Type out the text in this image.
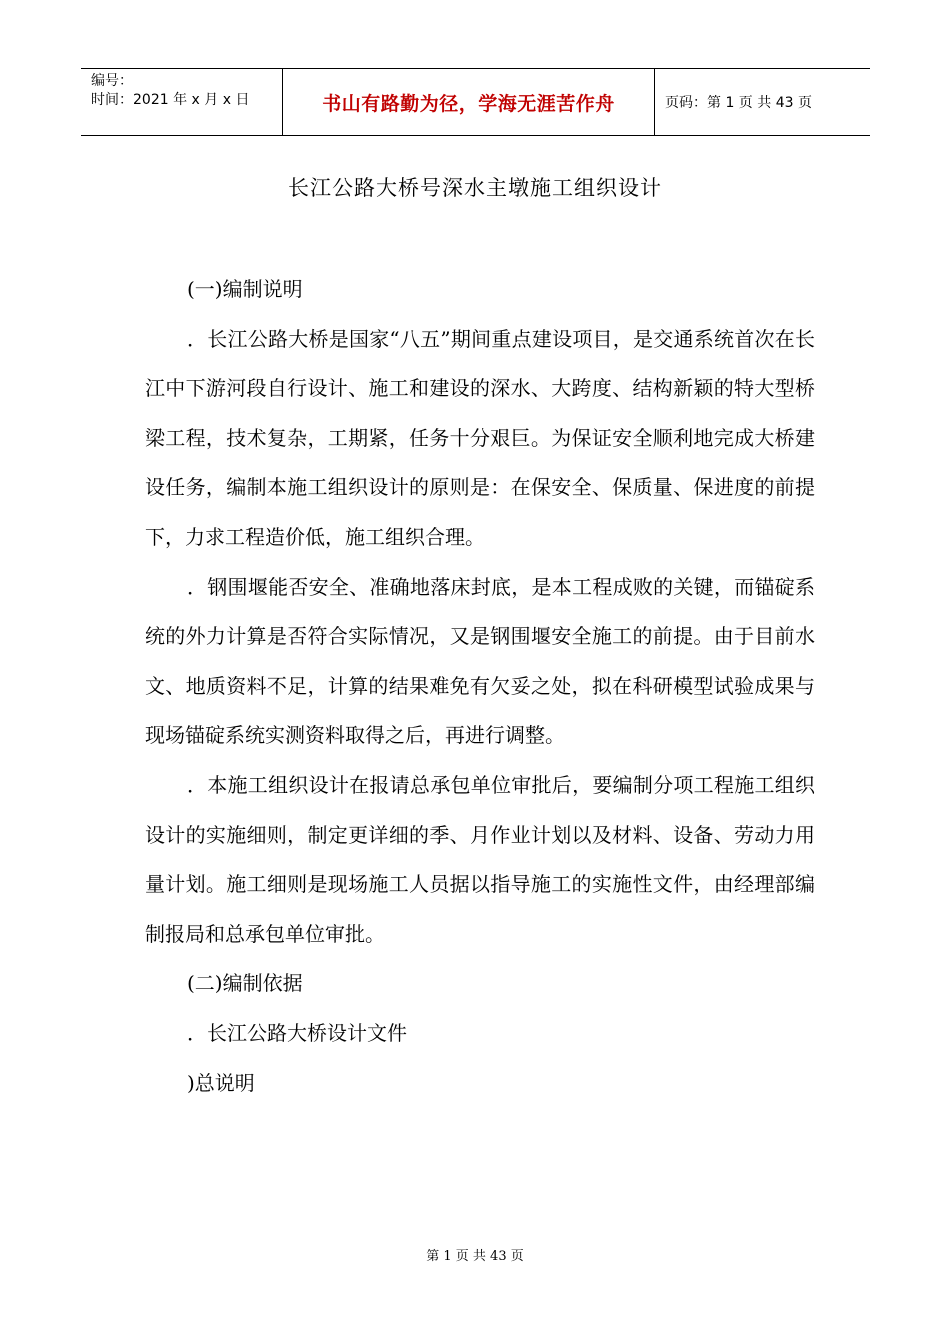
编号：
时间：2021 年 x 月 x 日	书山有路勤为径，学海无涯苦作舟	页码：第 1 页 共 43 页
长江公路大桥号深水主墩施工组织设计

(一)编制说明

．长江公路大桥是国家“八五”期间重点建设项目，是交通系统首次在长江中下游河段自行设计、施工和建设的深水、大跨度、结构新颖的特大型桥梁工程，技术复杂，工期紧，任务十分艰巨。为保证安全顺利地完成大桥建设任务，编制本施工组织设计的原则是：在保安全、保质量、保进度的前提下，力求工程造价低，施工组织合理。

．钢围堰能否安全、准确地落床封底，是本工程成败的关键，而锚碇系统的外力计算是否符合实际情况，又是钢围堰安全施工的前提。由于目前水文、地质资料不足，计算的结果难免有欠妥之处，拟在科研模型试验成果与现场锚碇系统实测资料取得之后，再进行调整。

．本施工组织设计在报请总承包单位审批后，要编制分项工程施工组织设计的实施细则，制定更详细的季、月作业计划以及材料、设备、劳动力用量计划。施工细则是现场施工人员据以指导施工的实施性文件，由经理部编制报局和总承包单位审批。

(二)编制依据

．长江公路大桥设计文件

)总说明

第 1 页 共 43 页
